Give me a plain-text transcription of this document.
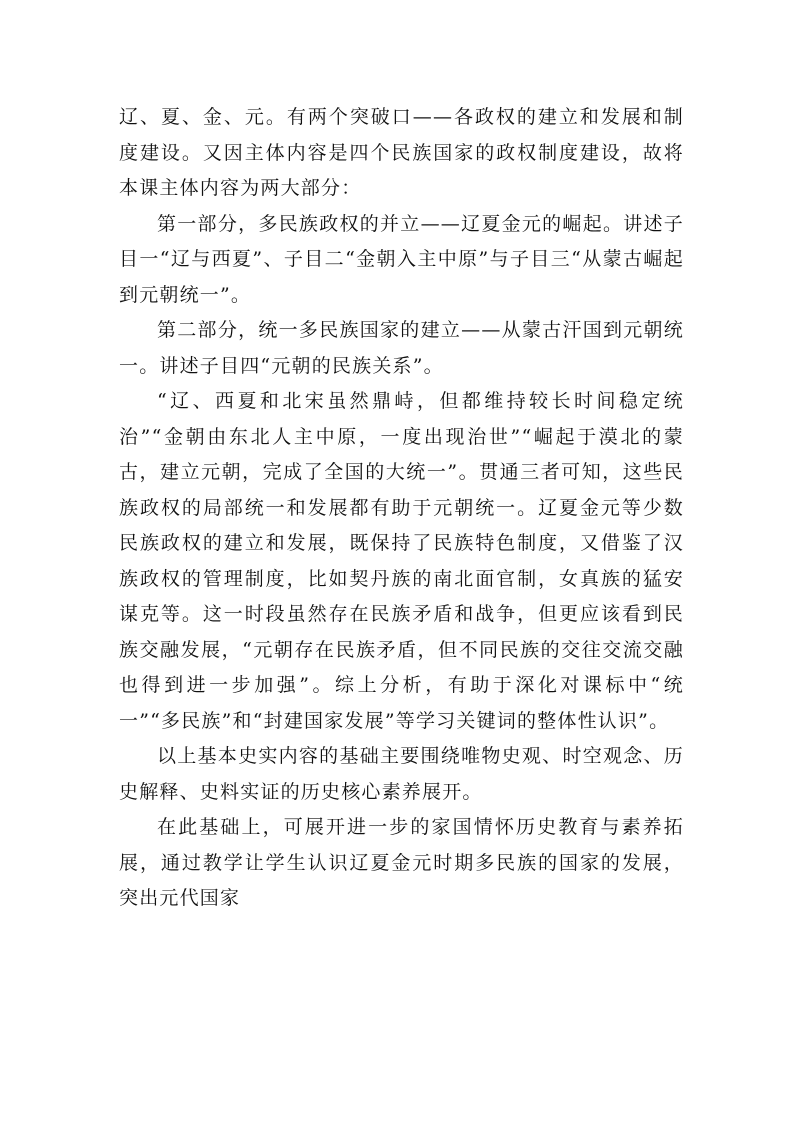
辽、夏、金、元。有两个突破口——各政权的建立和发展和制度建设。又因主体内容是四个民族国家的政权制度建设，故将本课主体内容为两大部分：

第一部分，多民族政权的并立——辽夏金元的崛起。讲述子目一“辽与西夏”、子目二“金朝入主中原”与子目三“从蒙古崛起到元朝统一”。

第二部分，统一多民族国家的建立——从蒙古汗国到元朝统一。讲述子目四“元朝的民族关系”。

“辽、西夏和北宋虽然鼎峙，但都维持较长时间稳定统治”“金朝由东北人主中原，一度出现治世”“崛起于漠北的蒙古，建立元朝，完成了全国的大统一”。贯通三者可知，这些民族政权的局部统一和发展都有助于元朝统一。辽夏金元等少数民族政权的建立和发展，既保持了民族特色制度，又借鉴了汉族政权的管理制度，比如契丹族的南北面官制，女真族的猛安谋克等。这一时段虽然存在民族矛盾和战争，但更应该看到民族交融发展，“元朝存在民族矛盾，但不同民族的交往交流交融也得到进一步加强”。综上分析，有助于深化对课标中“统一”“多民族”和“封建国家发展”等学习关键词的整体性认识”。

以上基本史实内容的基础主要围绕唯物史观、时空观念、历史解释、史料实证的历史核心素养展开。

在此基础上，可展开进一步的家国情怀历史教育与素养拓展，通过教学让学生认识辽夏金元时期多民族的国家的发展，突出元代国家
